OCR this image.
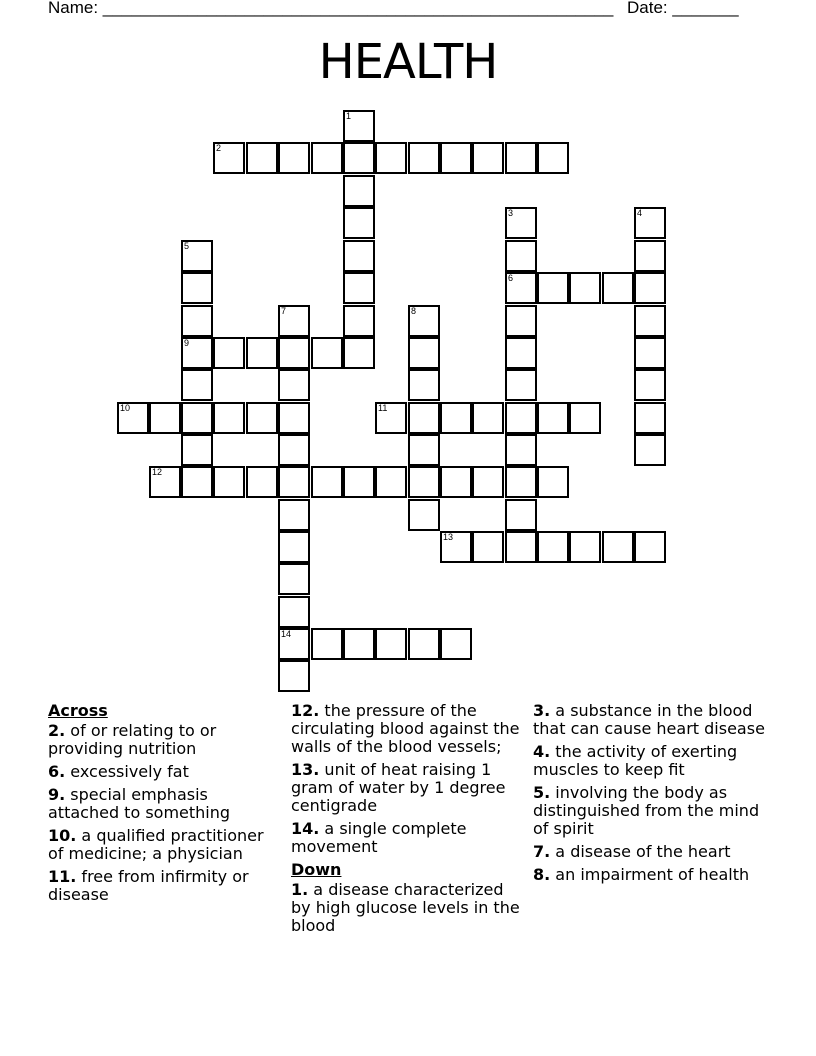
Name: ______________________________________________________ Date: _______
HEALTH
1
2
3
6
4
5
9
7
14
8
10	11
12
13
Across
2. of or relating to or providing nutrition
6. excessively fat
9. special emphasis attached to something
10. a qualified practitioner of medicine; a physician
11. free from infirmity or disease
12. the pressure of the circulating blood against the walls of the blood vessels;
13. unit of heat raising 1 gram of water by 1 degree centigrade
14. a single complete movement
Down
1. a disease characterized by high glucose levels in the blood
3. a substance in the blood that can cause heart disease
4. the activity of exerting muscles to keep fit
5. involving the body as distinguished from the mind of spirit
7. a disease of the heart
8. an impairment of health
